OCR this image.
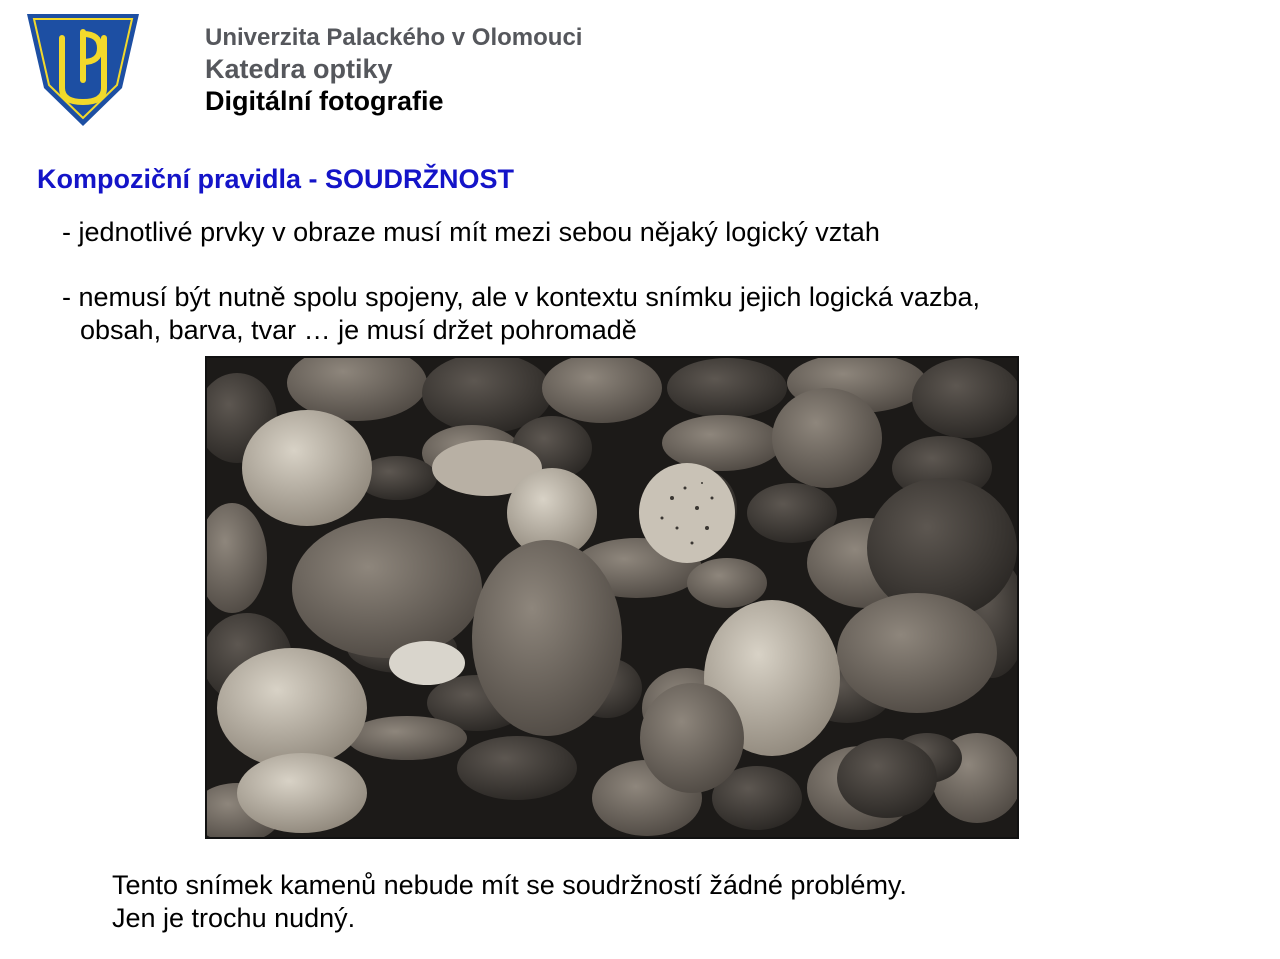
Univerzita Palackého v Olomouci
Katedra optiky
Digitální fotografie
Kompoziční pravidla - SOUDRŽNOST
- jednotlivé prvky v obraze musí mít mezi sebou nějaký logický vztah
- nemusí být nutně spolu spojeny, ale v kontextu snímku jejich logická vazba,
obsah, barva, tvar … je musí držet pohromadě
Tento snímek kamenů nebude mít se soudržností žádné problémy.
Jen je trochu nudný.
